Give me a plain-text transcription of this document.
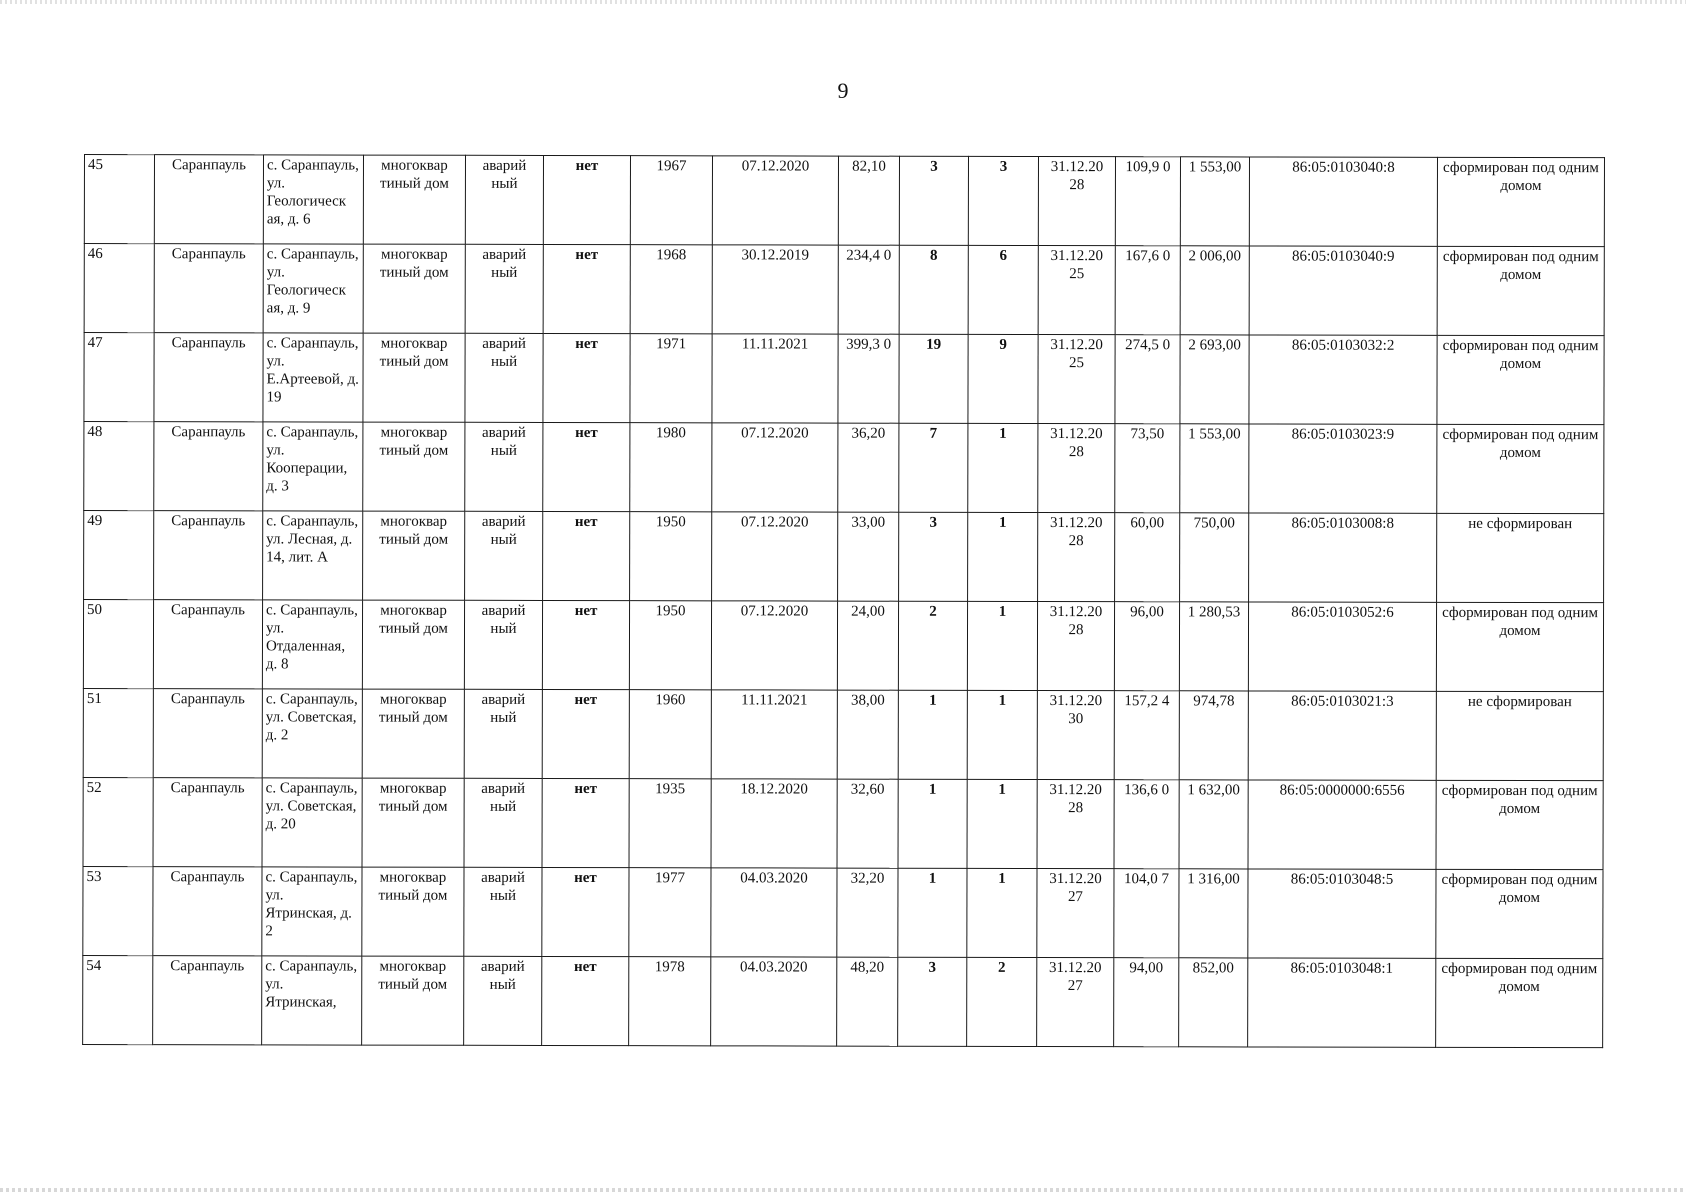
9
45	Саранпауль	с. Саранпауль, ул. Геологическ ая, д. 6	многоквар тиный дом	аварий ный	нет	1967	07.12.2020	82,10	3	3	31.12.20 28	109,9 0	1 553,00	86:05:0103040:8	сформирован под одним домом
46	Саранпауль	с. Саранпауль, ул. Геологическ ая, д. 9	многоквар тиный дом	аварий ный	нет	1968	30.12.2019	234,4 0	8	6	31.12.20 25	167,6 0	2 006,00	86:05:0103040:9	сформирован под одним домом
47	Саранпауль	с. Саранпауль, ул. Е.Артеевой, д. 19	многоквар тиный дом	аварий ный	нет	1971	11.11.2021	399,3 0	19	9	31.12.20 25	274,5 0	2 693,00	86:05:0103032:2	сформирован под одним домом
48	Саранпауль	с. Саранпауль, ул. Кооперации, д. 3	многоквар тиный дом	аварий ный	нет	1980	07.12.2020	36,20	7	1	31.12.20 28	73,50	1 553,00	86:05:0103023:9	сформирован под одним домом
49	Саранпауль	с. Саранпауль, ул. Лесная, д. 14, лит. А	многоквар тиный дом	аварий ный	нет	1950	07.12.2020	33,00	3	1	31.12.20 28	60,00	750,00	86:05:0103008:8	не сформирован
50	Саранпауль	с. Саранпауль, ул. Отдаленная, д. 8	многоквар тиный дом	аварий ный	нет	1950	07.12.2020	24,00	2	1	31.12.20 28	96,00	1 280,53	86:05:0103052:6	сформирован под одним домом
51	Саранпауль	с. Саранпауль, ул. Советская, д. 2	многоквар тиный дом	аварий ный	нет	1960	11.11.2021	38,00	1	1	31.12.20 30	157,2 4	974,78	86:05:0103021:3	не сформирован
52	Саранпауль	с. Саранпауль, ул. Советская, д. 20	многоквар тиный дом	аварий ный	нет	1935	18.12.2020	32,60	1	1	31.12.20 28	136,6 0	1 632,00	86:05:0000000:6556	сформирован под одним домом
53	Саранпауль	с. Саранпауль, ул. Ятринская, д. 2	многоквар тиный дом	аварий ный	нет	1977	04.03.2020	32,20	1	1	31.12.20 27	104,0 7	1 316,00	86:05:0103048:5	сформирован под одним домом
54	Саранпауль	с. Саранпауль, ул. Ятринская,	многоквар тиный дом	аварий ный	нет	1978	04.03.2020	48,20	3	2	31.12.20 27	94,00	852,00	86:05:0103048:1	сформирован под одним домом
